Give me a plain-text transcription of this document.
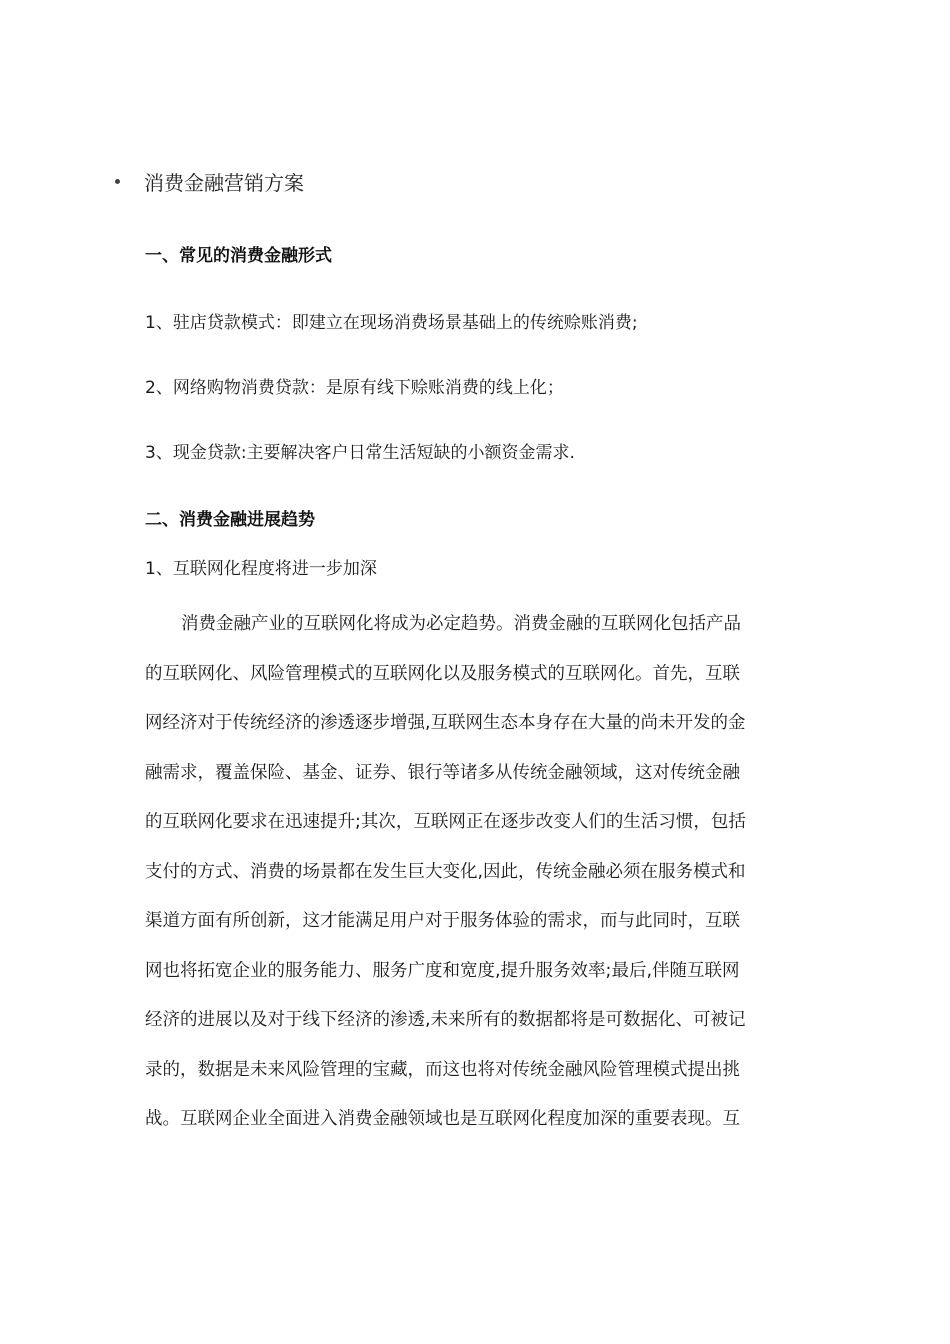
消费金融营销方案
一、常见的消费金融形式
1、驻店贷款模式：即建立在现场消费场景基础上的传统赊账消费;
2、网络购物消费贷款：是原有线下赊账消费的线上化；
3、现金贷款:主要解决客户日常生活短缺的小额资金需求.
二、消费金融进展趋势
1、互联网化程度将进一步加深
消费金融产业的互联网化将成为必定趋势。消费金融的互联网化包括产品
的互联网化、风险管理模式的互联网化以及服务模式的互联网化。首先，互联
网经济对于传统经济的渗透逐步增强,互联网生态本身存在大量的尚未开发的金
融需求，覆盖保险、基金、证券、银行等诸多从传统金融领域，这对传统金融
的互联网化要求在迅速提升;其次，互联网正在逐步改变人们的生活习惯，包括
支付的方式、消费的场景都在发生巨大变化,因此，传统金融必须在服务模式和
渠道方面有所创新，这才能满足用户对于服务体验的需求，而与此同时，互联
网也将拓宽企业的服务能力、服务广度和宽度,提升服务效率;最后,伴随互联网
经济的进展以及对于线下经济的渗透,未来所有的数据都将是可数据化、可被记
录的，数据是未来风险管理的宝藏，而这也将对传统金融风险管理模式提出挑
战。互联网企业全面进入消费金融领域也是互联网化程度加深的重要表现。互
